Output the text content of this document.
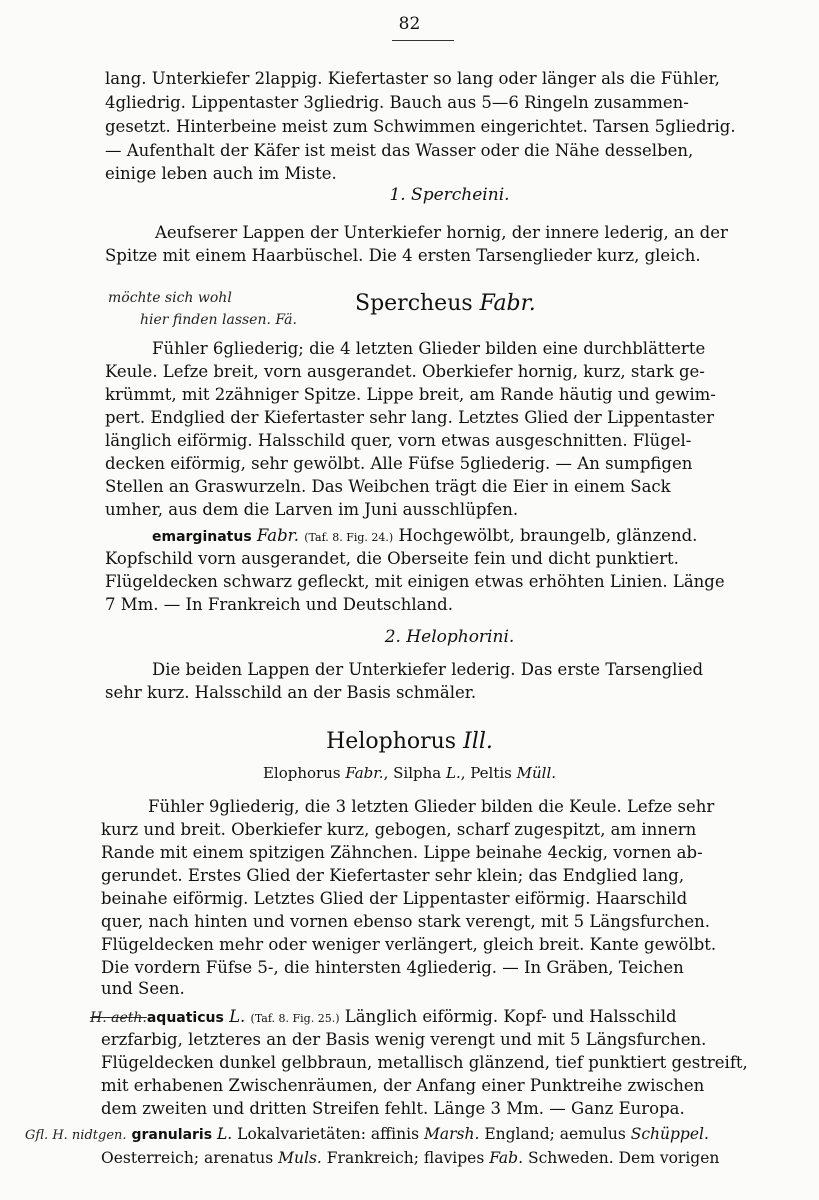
82
lang. Unterkiefer 2lappig. Kiefertaster so lang oder länger als die Fühler,
4gliedrig. Lippentaster 3gliedrig. Bauch aus 5—6 Ringeln zusammen-
gesetzt. Hinterbeine meist zum Schwimmen eingerichtet. Tarsen 5gliedrig.
— Aufenthalt der Käfer ist meist das Wasser oder die Nähe desselben,
einige leben auch im Miste.
1. Spercheini.
Aeufserer Lappen der Unterkiefer hornig, der innere lederig, an der
Spitze mit einem Haarbüschel. Die 4 ersten Tarsenglieder kurz, gleich.
möchte sich wohl
hier finden lassen. Fä.
Spercheus Fabr.
Fühler 6gliederig; die 4 letzten Glieder bilden eine durchblätterte
Keule. Lefze breit, vorn ausgerandet. Oberkiefer hornig, kurz, stark ge-
krümmt, mit 2zähniger Spitze. Lippe breit, am Rande häutig und gewim-
pert. Endglied der Kiefertaster sehr lang. Letztes Glied der Lippentaster
länglich eiförmig. Halsschild quer, vorn etwas ausgeschnitten. Flügel-
decken eiförmig, sehr gewölbt. Alle Füfse 5gliederig. — An sumpfigen
Stellen an Graswurzeln. Das Weibchen trägt die Eier in einem Sack
umher, aus dem die Larven im Juni ausschlüpfen.
emarginatus Fabr. (Taf. 8. Fig. 24.) Hochgewölbt, braungelb, glänzend.
Kopfschild vorn ausgerandet, die Oberseite fein und dicht punktiert.
Flügeldecken schwarz gefleckt, mit einigen etwas erhöhten Linien. Länge
7 Mm. — In Frankreich und Deutschland.
2. Helophorini.
Die beiden Lappen der Unterkiefer lederig. Das erste Tarsenglied
sehr kurz. Halsschild an der Basis schmäler.
Helophorus Ill.
Elophorus Fabr., Silpha L., Peltis Müll.
Fühler 9gliederig, die 3 letzten Glieder bilden die Keule. Lefze sehr
kurz und breit. Oberkiefer kurz, gebogen, scharf zugespitzt, am innern
Rande mit einem spitzigen Zähnchen. Lippe beinahe 4eckig, vornen ab-
gerundet. Erstes Glied der Kiefertaster sehr klein; das Endglied lang,
beinahe eiförmig. Letztes Glied der Lippentaster eiförmig. Haarschild
quer, nach hinten und vornen ebenso stark verengt, mit 5 Längsfurchen.
Flügeldecken mehr oder weniger verlängert, gleich breit. Kante gewölbt.
Die vordern Füfse 5-, die hintersten 4gliederig. — In Gräben, Teichen
und Seen.
H. aeth.aquaticus L. (Taf. 8. Fig. 25.) Länglich eiförmig. Kopf- und Halsschild
erzfarbig, letzteres an der Basis wenig verengt und mit 5 Längsfurchen.
Flügeldecken dunkel gelbbraun, metallisch glänzend, tief punktiert gestreift,
mit erhabenen Zwischenräumen, der Anfang einer Punktreihe zwischen
dem zweiten und dritten Streifen fehlt. Länge 3 Mm. — Ganz Europa.
Gfl. H. nidtgen. granularis L. Lokalvarietäten: affinis Marsh. England; aemulus Schüppel.
Oesterreich; arenatus Muls. Frankreich; flavipes Fab. Schweden. Dem vorigen
